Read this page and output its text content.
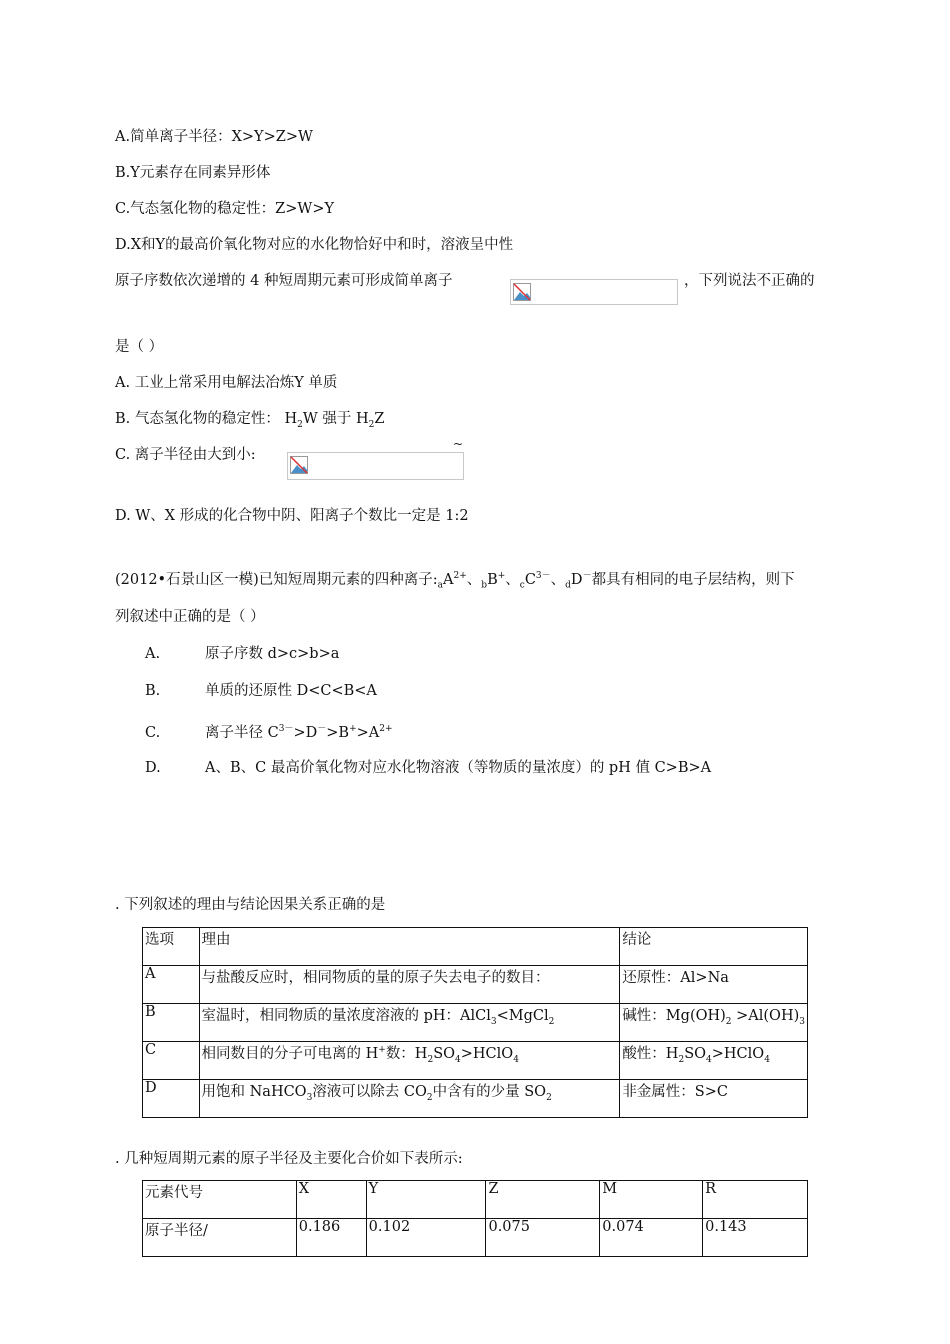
A.简单离子半径：X>Y>Z>W
B.Y元素存在同素异形体
C.气态氢化物的稳定性：Z>W>Y
D.X和Y的最高价氧化物对应的水化物恰好中和时，溶液呈中性
原子序数依次递增的 4 种短周期元素可形成简单离子	，下列说法不正确的
是（ ）
A. 工业上常采用电解法冶炼Y 单质
B. 气态氢化物的稳定性： $H_2W$ 强于 $H_2Z$
C. 离子半径由大到小:
~
D. W、X 形成的化合物中阴、阳离子个数比一定是 1:2
(2012•石景山区一模)已知短周期元素的四种离子$:_aA^{2+}$、$_b$B+、$_cC^{3-}$、$_d$D－都具有相同的电子层结构，则下
列叙述中正确的是（ ）
A.	原子序数 d>c>b>a
B.	单质的还原性 D<C<B<A
C.	离子半径 $C^{3-}>D^->B^+>A^{2+}$
D.	A、B、C 最高价氧化物对应水化物溶液（等物质的量浓度）的 pH 值 C>B>A
. 下列叙述的理由与结论因果关系正确的是
选项	理由	结论
A	与盐酸反应时，相同物质的量的原子失去电子的数目：	还原性：Al>Na
B	室温时，相同物质的量浓度溶液的 pH：AlCl$_3$<MgCl$_2$	碱性：$Mg(OH)_2 >Al(OH)_3$
C	相同数目的分子可电离的 H+数：$H_2SO_4>HClO_4$	酸性：$H_2SO_4>HClO_4$
D	用饱和 NaHCO$_3$溶液可以除去 $CO_2$中含有的少量 $SO_2$	非金属性：S>C
. 几种短周期元素的原子半径及主要化合价如下表所示:
元素代号	X	Y	Z	M	R
原子半径/	0.186	0.102	0.075	0.074	0.143
